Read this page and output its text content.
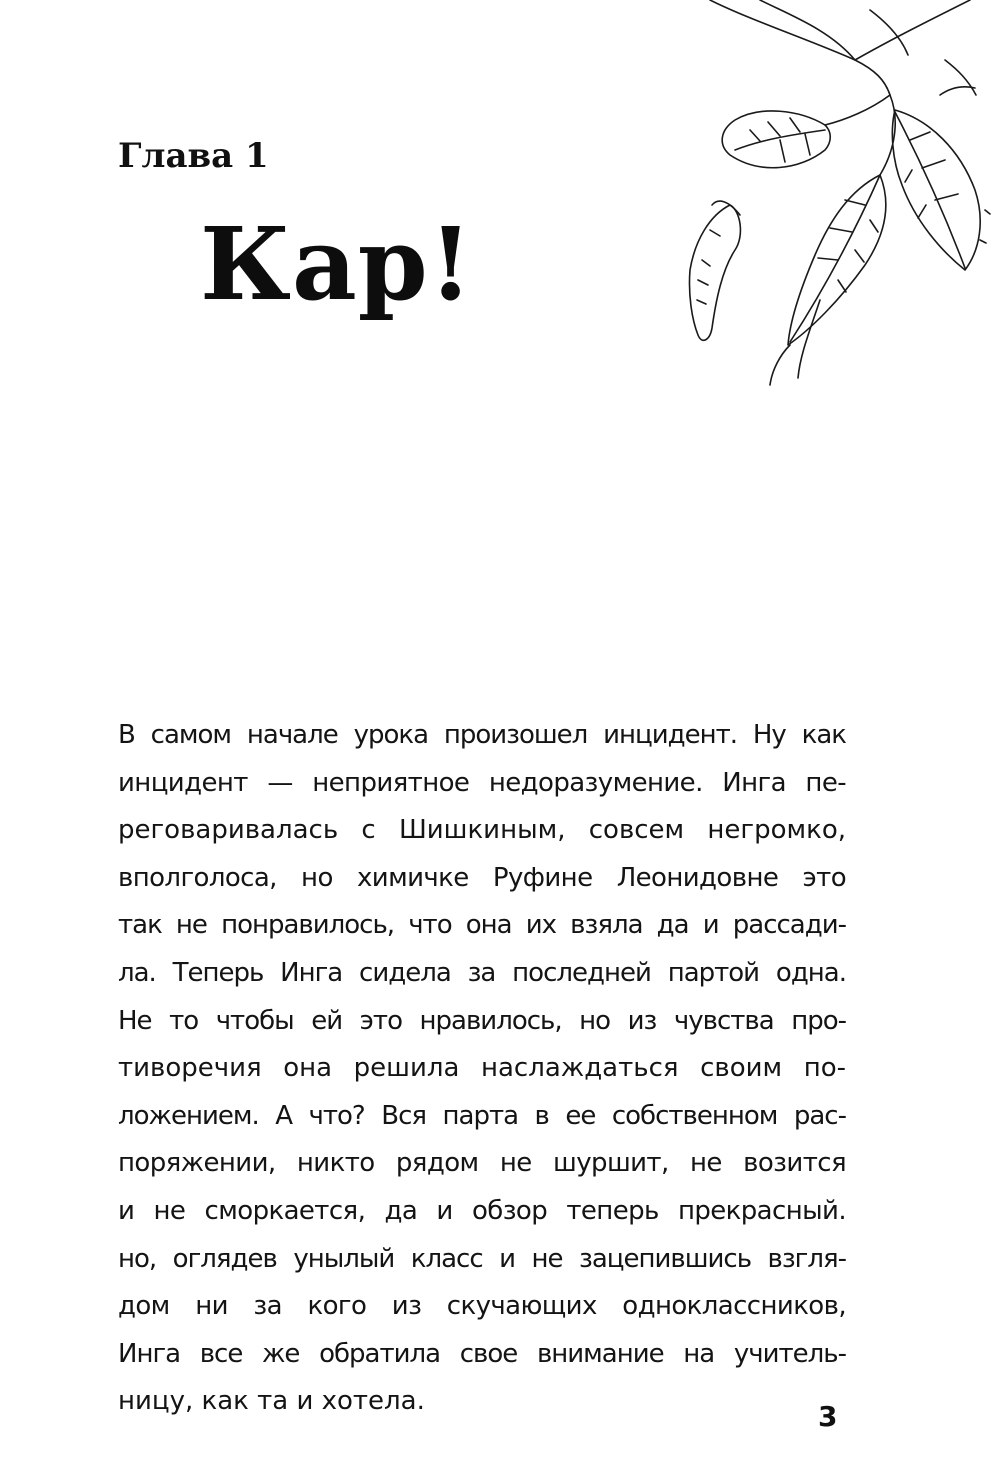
Глава 1
Кар!
В самом начале урока произошел инцидент. Ну как
инцидент — неприятное недоразумение. Инга пе-
реговаривалась с Шишкиным, совсем негромко,
вполголоса, но химичке Руфине Леонидовне это
так не понравилось, что она их взяла да и рассади-
ла. Теперь Инга сидела за последней партой одна.
Не то чтобы ей это нравилось, но из чувства про-
тиворечия она решила наслаждаться своим по-
ложением. А что? Вся парта в ее собственном рас-
поряжении, никто рядом не шуршит, не возится
и не сморкается, да и обзор теперь прекрасный.
но, оглядев унылый класс и не зацепившись взгля-
дом ни за кого из скучающих одноклассников,
Инга все же обратила свое внимание на учитель-
ницу, как та и хотела.	3
